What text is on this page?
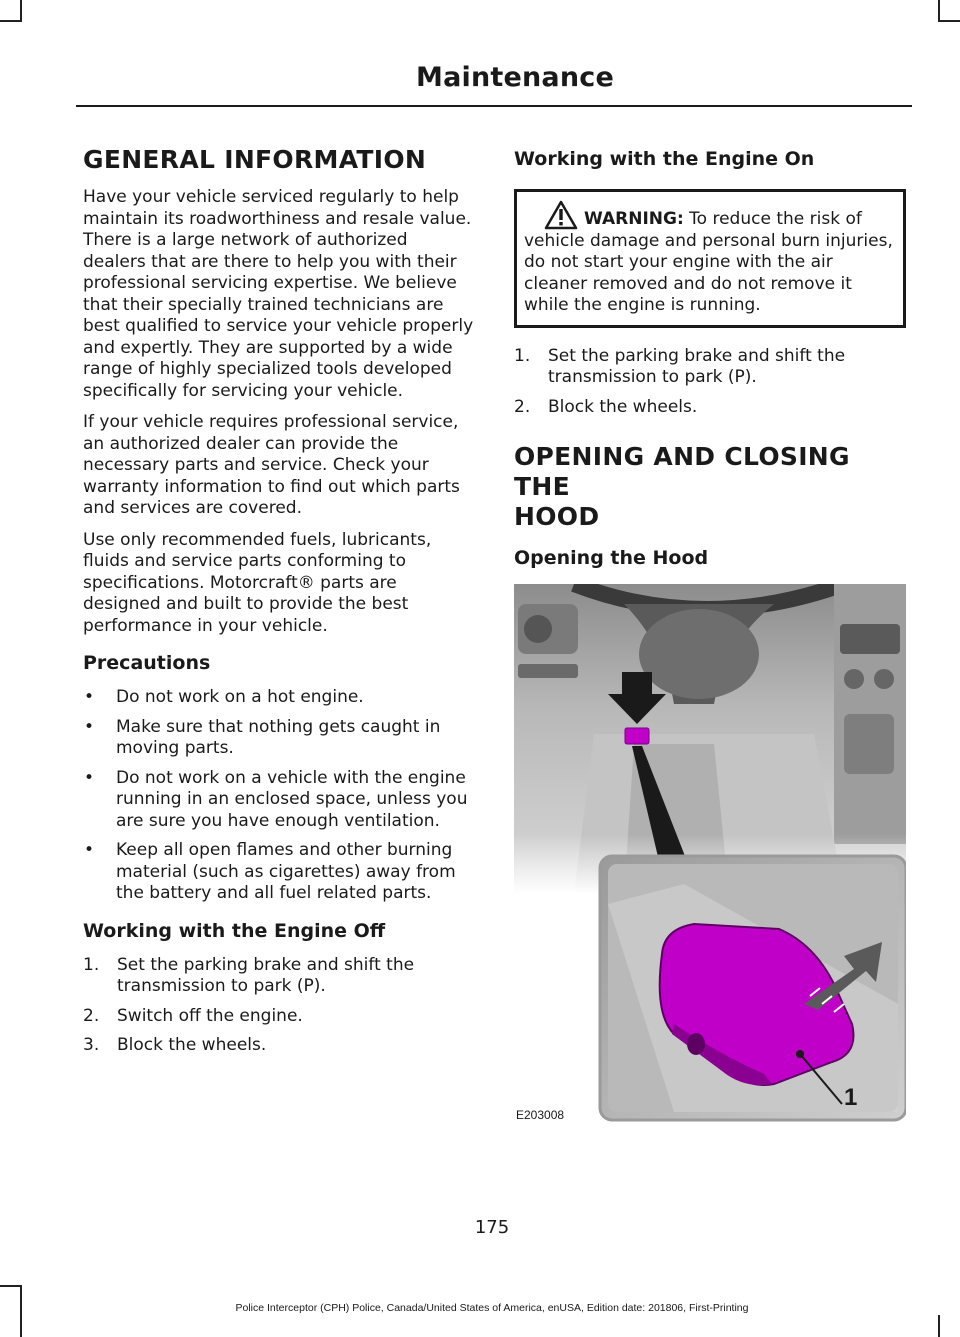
Maintenance
GENERAL INFORMATION

Have your vehicle serviced regularly to help maintain its roadworthiness and resale value. There is a large network of authorized dealers that are there to help you with their professional servicing expertise. We believe that their specially trained technicians are best qualified to service your vehicle properly and expertly. They are supported by a wide range of highly specialized tools developed specifically for servicing your vehicle.

If your vehicle requires professional service, an authorized dealer can provide the necessary parts and service. Check your warranty information to find out which parts and services are covered.

Use only recommended fuels, lubricants, fluids and service parts conforming to specifications. Motorcraft® parts are designed and built to provide the best performance in your vehicle.

Precautions
• Do not work on a hot engine.
• Make sure that nothing gets caught in moving parts.
• Do not work on a vehicle with the engine running in an enclosed space, unless you are sure you have enough ventilation.
• Keep all open flames and other burning material (such as cigarettes) away from the battery and all fuel related parts.
Working with the Engine Off
1. Set the parking brake and shift the transmission to park (P).
2. Switch off the engine.
3. Block the wheels.
Working with the Engine On
WARNING: To reduce the risk of vehicle damage and personal burn injuries, do not start your engine with the air cleaner removed and do not remove it while the engine is running.
1. Set the parking brake and shift the transmission to park (P).
2. Block the wheels.
OPENING AND CLOSING THE
HOOD
Opening the Hood
1
E203008
175
Police Interceptor (CPH) Police, Canada/United States of America, enUSA, Edition date: 201806, First-Printing
